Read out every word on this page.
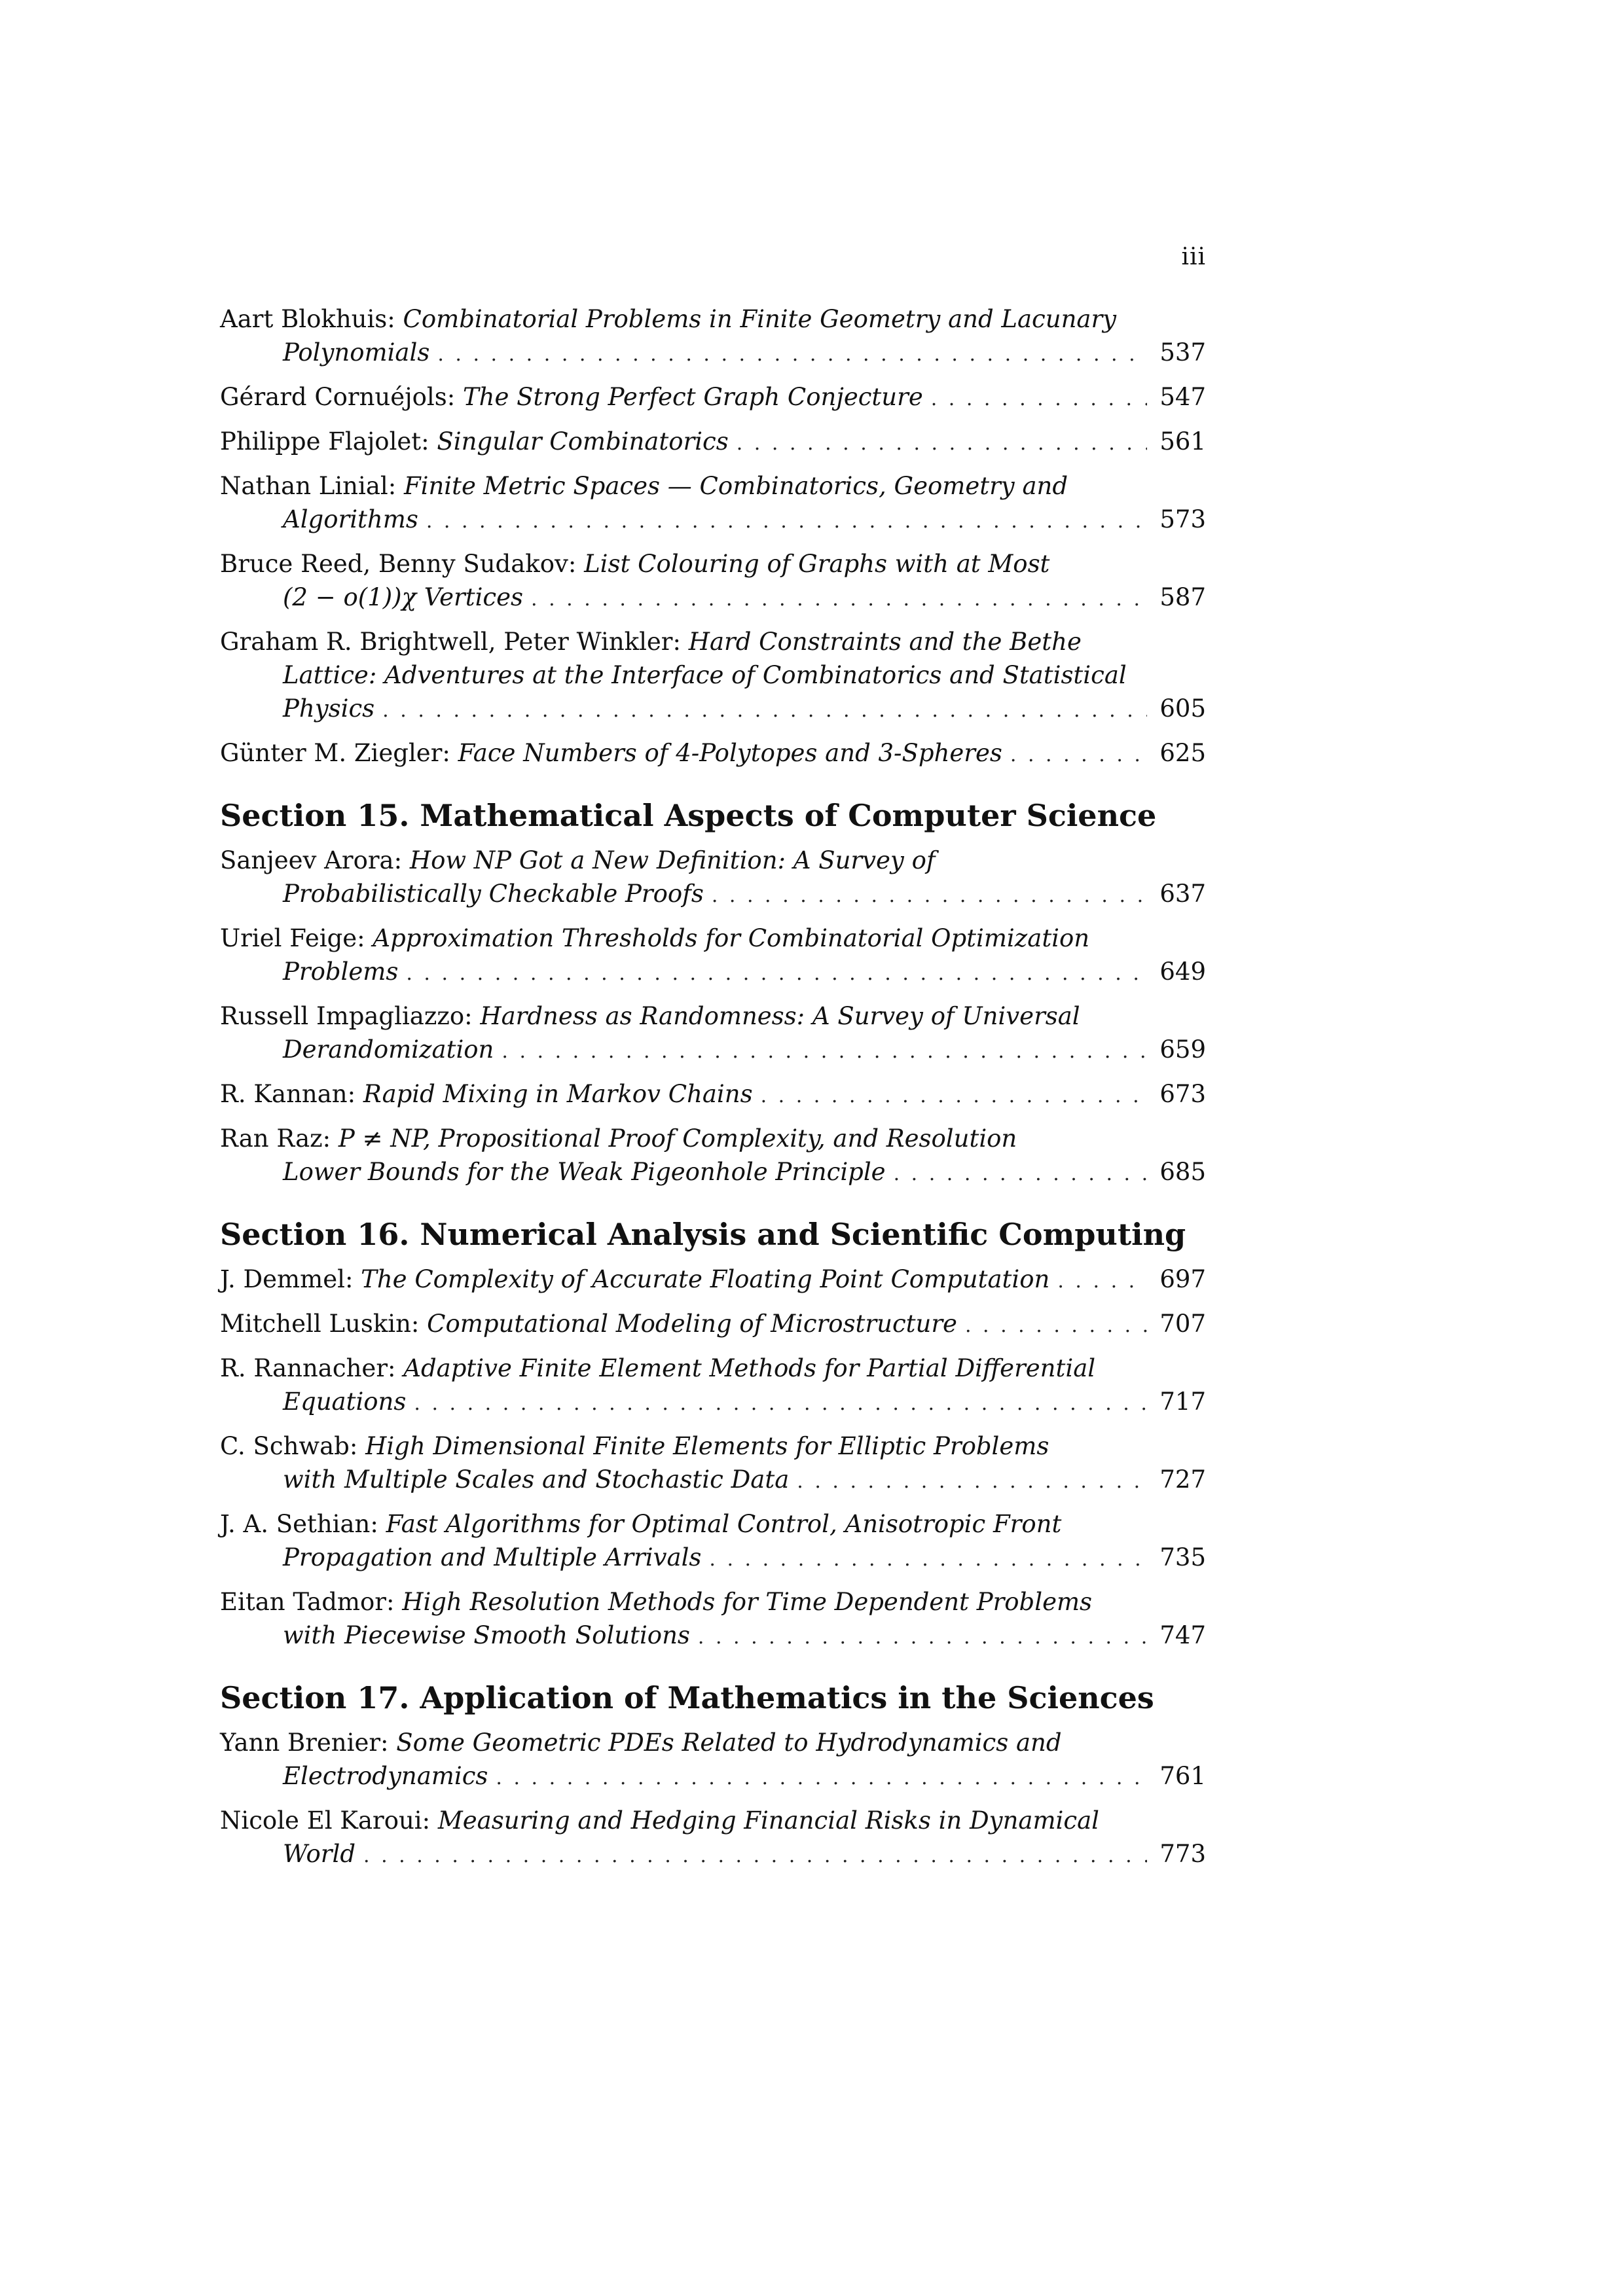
iii
Aart Blokhuis: Combinatorial Problems in Finite Geometry and Lacunary
Polynomials . . .	537
Gérard Cornuéjols: The Strong Perfect Graph Conjecture . . .	547
Philippe Flajolet: Singular Combinatorics . . .	561
Nathan Linial: Finite Metric Spaces — Combinatorics, Geometry and
Algorithms . . .	573
Bruce Reed, Benny Sudakov: List Colouring of Graphs with at Most
(2 − o(1))χ Vertices . . .	587
Graham R. Brightwell, Peter Winkler: Hard Constraints and the Bethe
Lattice: Adventures at the Interface of Combinatorics and Statistical
Physics . . .	605
Günter M. Ziegler: Face Numbers of 4-Polytopes and 3-Spheres . . .	625
Section 15. Mathematical Aspects of Computer Science
Sanjeev Arora: How NP Got a New Definition: A Survey of
Probabilistically Checkable Proofs . . .	637
Uriel Feige: Approximation Thresholds for Combinatorial Optimization
Problems . . .	649
Russell Impagliazzo: Hardness as Randomness: A Survey of Universal
Derandomization . . .	659
R. Kannan: Rapid Mixing in Markov Chains . . .	673
Ran Raz: P ≠ NP, Propositional Proof Complexity, and Resolution
Lower Bounds for the Weak Pigeonhole Principle . . .	685
Section 16. Numerical Analysis and Scientific Computing
J. Demmel: The Complexity of Accurate Floating Point Computation . . .	697
Mitchell Luskin: Computational Modeling of Microstructure . . .	707
R. Rannacher: Adaptive Finite Element Methods for Partial Differential
Equations . . .	717
C. Schwab: High Dimensional Finite Elements for Elliptic Problems
with Multiple Scales and Stochastic Data . . .	727
J. A. Sethian: Fast Algorithms for Optimal Control, Anisotropic Front
Propagation and Multiple Arrivals . . .	735
Eitan Tadmor: High Resolution Methods for Time Dependent Problems
with Piecewise Smooth Solutions . . .	747
Section 17. Application of Mathematics in the Sciences
Yann Brenier: Some Geometric PDEs Related to Hydrodynamics and
Electrodynamics . . .	761
Nicole El Karoui: Measuring and Hedging Financial Risks in Dynamical
World . . .	773
